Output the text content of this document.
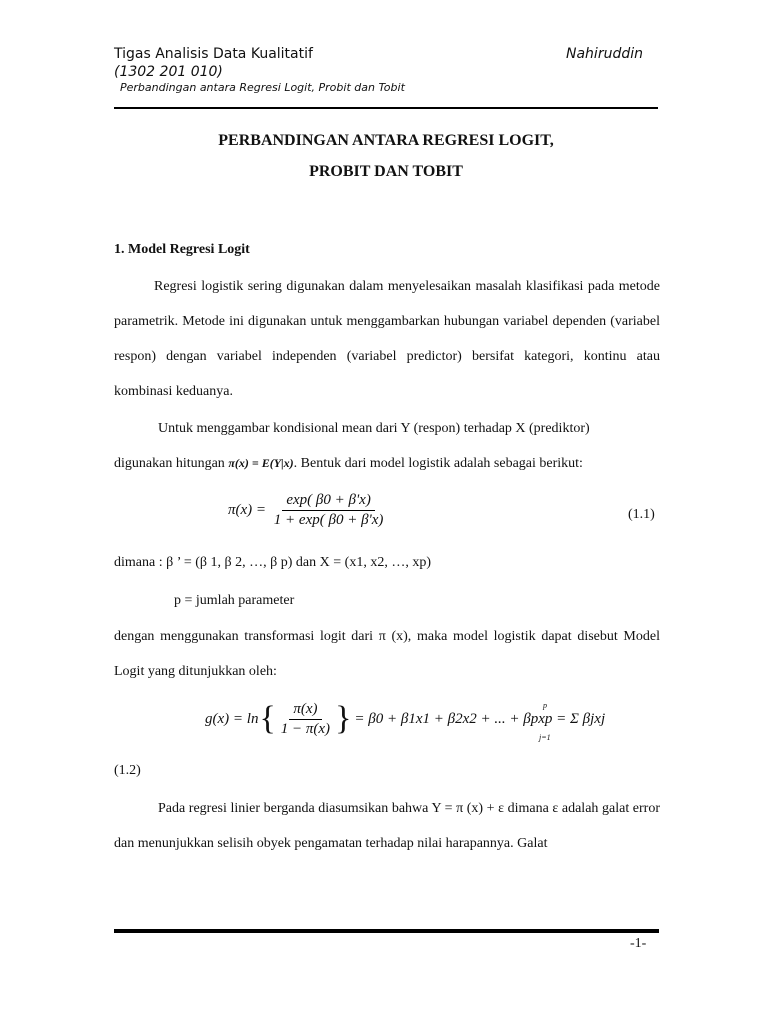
Tigas Analisis Data Kualitatif	Nahiruddin
(1302 201 010)
Perbandingan antara Regresi Logit, Probit dan Tobit
PERBANDINGAN ANTARA REGRESI LOGIT,
PROBIT DAN TOBIT
1. Model Regresi Logit
Regresi logistik sering digunakan dalam menyelesaikan masalah klasifikasi pada metode parametrik. Metode ini digunakan untuk menggambarkan hubungan variabel dependen (variabel respon) dengan variabel independen (variabel predictor) bersifat kategori, kontinu atau kombinasi keduanya.
Untuk menggambar kondisional mean dari Y (respon) terhadap X (prediktor)
digunakan hitungan π(x) = E(Y|x). Bentuk dari model logistik adalah sebagai berikut:
$\pi(x) = \frac{\exp( \beta 0 + \beta'x)}{1 + \exp( \beta 0 + \beta'x)}$	(1.1)
dimana : β ’ = (β 1, β 2, …, β p) dan X = (x1, x2, …, xp)
p = jumlah parameter
dengan menggunakan transformasi logit dari π (x), maka model logistik dapat disebut Model Logit yang ditunjukkan oleh:
g(x) = ln { $\frac{\pi(x)}{1 - \pi(x)}$ } = β0 + β1x1 + β2x2 + ... + βpxp = Σ βjxj
p
j=1
(1.2)
Pada regresi linier berganda diasumsikan bahwa Y = π (x) + ε dimana ε adalah galat error dan menunjukkan selisih obyek pengamatan terhadap nilai harapannya. Galat
-1-
